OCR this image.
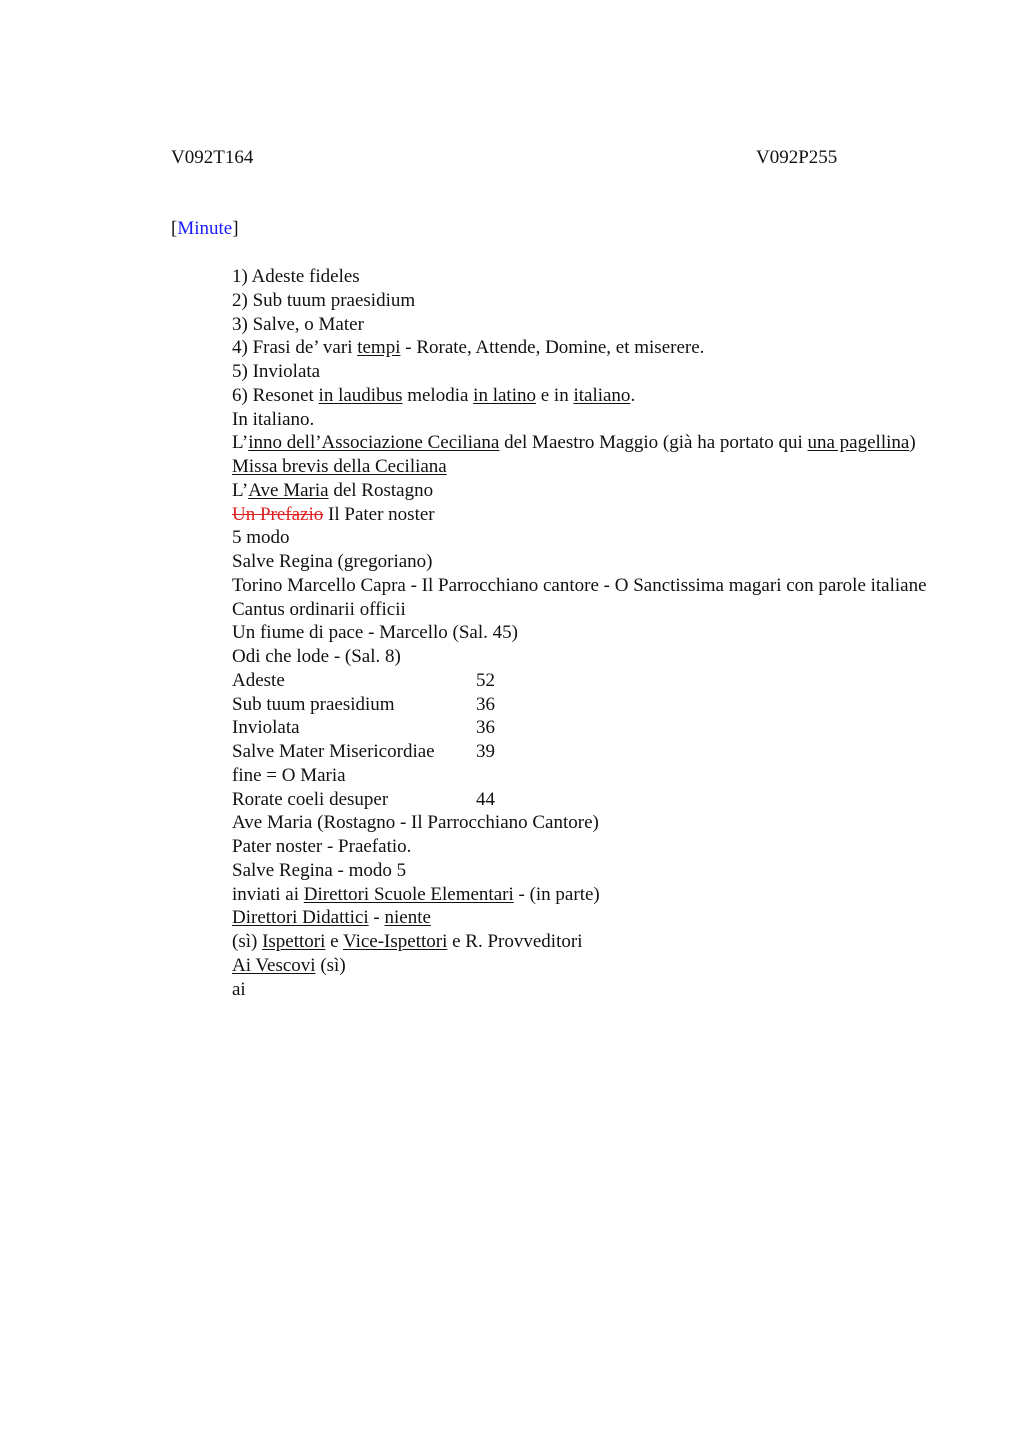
V092T164	V092P255
[Minute]
1) Adeste fideles
2) Sub tuum praesidium
3) Salve, o Mater
4) Frasi de’ vari tempi - Rorate, Attende, Domine, et miserere.
5) Inviolata
6) Resonet in laudibus melodia in latino e in italiano.
In italiano.
L’inno dell’Associazione Ceciliana del Maestro Maggio (già ha portato qui una pagellina)
Missa brevis della Ceciliana
L’Ave Maria del Rostagno
Un Prefazio Il Pater noster
5 modo
Salve Regina (gregoriano)
Torino Marcello Capra - Il Parrocchiano cantore - O Sanctissima magari con parole italiane
Cantus ordinarii officii
Un fiume di pace - Marcello (Sal. 45)
Odi che lode - (Sal. 8)
Adeste	52
Sub tuum praesidium	36
Inviolata	36
Salve Mater Misericordiae 39
fine = O Maria
Rorate coeli desuper	44
Ave Maria (Rostagno - Il Parrocchiano Cantore)
Pater noster - Praefatio.
Salve Regina - modo 5
inviati ai Direttori Scuole Elementari - (in parte)
Direttori Didattici - niente
(sì) Ispettori e Vice-Ispettori e R. Provveditori
Ai Vescovi (sì)
ai
